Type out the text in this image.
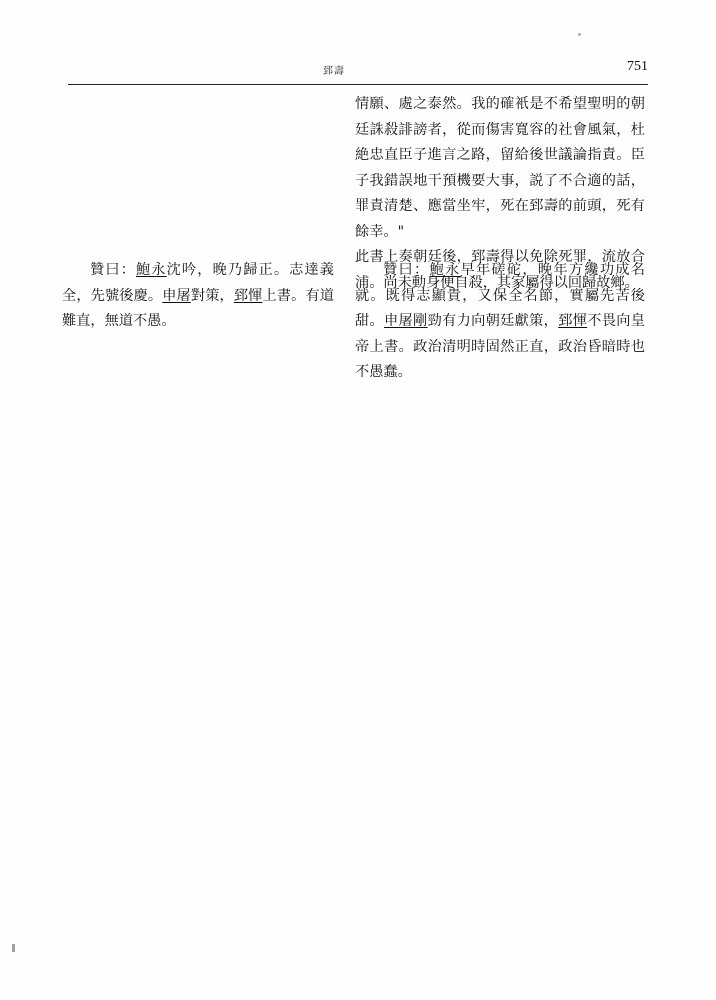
郅壽	751

情願、處之泰然。我的確衹是不希望聖明的朝廷誅殺誹謗者，從而傷害寬容的社會風氣，杜絶忠直臣子進言之路，留給後世議論指責。臣子我錯誤地干預機要大事，説了不合適的話，罪責清楚、應當坐牢，死在郅壽的前頭，死有餘幸。"

此書上奏朝廷後，郅壽得以免除死罪，流放合浦。尚未動身便自殺，其家屬得以回歸故鄉。

贊曰：鮑永沈吟，晚乃歸正。志達義全，先號後慶。申屠對策，郅惲上書。有道難直，無道不愚。

贊曰：鮑永早年磋砣，晚年方纔功成名就。既得志顯貴，又保全名節，實屬先苦後甜。申屠剛勁有力向朝廷獻策，郅惲不畏向皇帝上書。政治清明時固然正直，政治昏暗時也不愚蠢。
